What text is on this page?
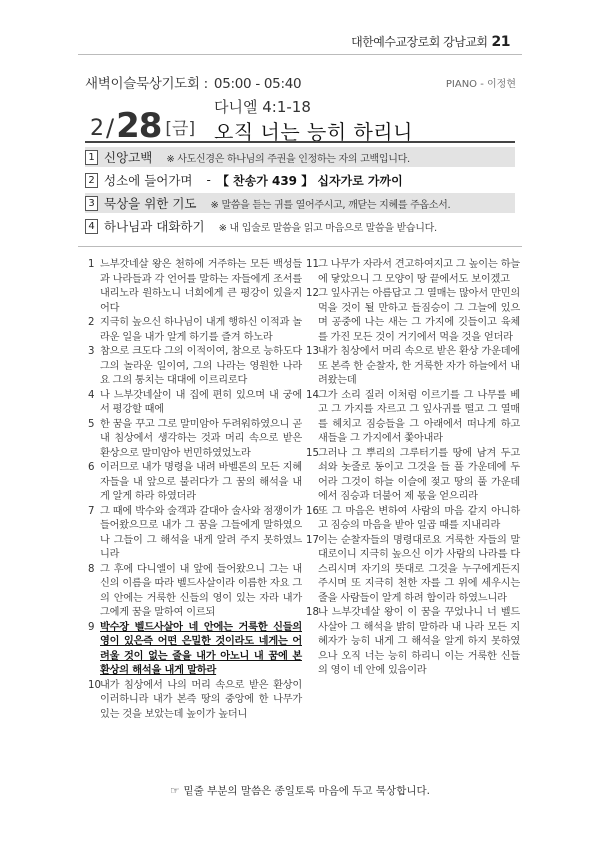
대한예수교장로회 강남교회 21
새벽이슬묵상기도회 : 05:00 - 05:40	PIANO - 이정현
2 / 28 [금]
다니엘 4:1-18
오직 너는 능히 하리니
1 신앙고백 ※ 사도신경은 하나님의 주권을 인정하는 자의 고백입니다.
2 성소에 들어가며 - 【 찬송가 439 】 십자가로 가까이
3 묵상을 위한 기도 ※ 말씀을 듣는 귀를 열어주시고, 깨닫는 지혜를 주옵소서.
4 하나님과 대화하기 ※ 내 입술로 말씀을 읽고 마음으로 말씀을 받습니다.
1 느부갓네살 왕은 천하에 거주하는 모든 백성들과 나라들과 각 언어를 말하는 자들에게 조서를 내리노라 원하노니 너희에게 큰 평강이 있을지어다
2 지극히 높으신 하나님이 내게 행하신 이적과 놀라운 일을 내가 알게 하기를 즐겨 하노라
3 참으로 크도다 그의 이적이여, 참으로 능하도다 그의 놀라운 일이여, 그의 나라는 영원한 나라요 그의 통치는 대대에 이르리로다
4 나 느부갓네살이 내 집에 편히 있으며 내 궁에서 평강할 때에
5 한 꿈을 꾸고 그로 말미암아 두려워하였으니 곧 내 침상에서 생각하는 것과 머리 속으로 받은 환상으로 말미암아 번민하였었노라
6 이러므로 내가 명령을 내려 바벨론의 모든 지혜자들을 내 앞으로 불러다가 그 꿈의 해석을 내게 알게 하라 하였더라
7 그 때에 박수와 술객과 갈대아 술사와 점쟁이가 들어왔으므로 내가 그 꿈을 그들에게 말하였으나 그들이 그 해석을 내게 알려 주지 못하였느니라
8 그 후에 다니엘이 내 앞에 들어왔으니 그는 내 신의 이름을 따라 벨드사살이라 이름한 자요 그의 안에는 거룩한 신들의 영이 있는 자라 내가 그에게 꿈을 말하여 이르되
9 박수장 벨드사살아 네 안에는 거룩한 신들의 영이 있은즉 어떤 은밀한 것이라도 네게는 어려울 것이 없는 줄을 내가 아노니 내 꿈에 본 환상의 해석을 내게 말하라
10 내가 침상에서 나의 머리 속으로 받은 환상이 이러하니라 내가 본즉 땅의 중앙에 한 나무가 있는 것을 보았는데 높이가 높더니
11 그 나무가 자라서 견고하여지고 그 높이는 하늘에 닿았으니 그 모양이 땅 끝에서도 보이겠고
12 그 잎사귀는 아름답고 그 열매는 많아서 만민의 먹을 것이 될 만하고 들짐승이 그 그늘에 있으며 공중에 나는 새는 그 가지에 깃들이고 육체를 가진 모든 것이 거기에서 먹을 것을 얻더라
13 내가 침상에서 머리 속으로 받은 환상 가운데에 또 본즉 한 순찰자, 한 거룩한 자가 하늘에서 내려왔는데
14 그가 소리 질러 이처럼 이르기를 그 나무를 베고 그 가지를 자르고 그 잎사귀를 떨고 그 열매를 헤치고 짐승들을 그 아래에서 떠나게 하고 새들을 그 가지에서 쫓아내라
15 그러나 그 뿌리의 그루터기를 땅에 남겨 두고 쇠와 놋줄로 동이고 그것을 들 풀 가운데에 두어라 그것이 하늘 이슬에 젖고 땅의 풀 가운데에서 짐승과 더불어 제 몫을 얻으리라
16 또 그 마음은 변하여 사람의 마음 같지 아니하고 짐승의 마음을 받아 일곱 때를 지내리라
17 이는 순찰자들의 명령대로요 거룩한 자들의 말대로이니 지극히 높으신 이가 사람의 나라를 다스리시며 자기의 뜻대로 그것을 누구에게든지 주시며 또 지극히 천한 자를 그 위에 세우시는 줄을 사람들이 알게 하려 함이라 하였느니라
18 나 느부갓네살 왕이 이 꿈을 꾸었나니 너 벨드사살아 그 해석을 밝히 말하라 내 나라 모든 지혜자가 능히 내게 그 해석을 알게 하지 못하였으나 오직 너는 능히 하리니 이는 거룩한 신들의 영이 네 안에 있음이라
☞ 밑줄 부분의 말씀은 종일토록 마음에 두고 묵상합니다.
